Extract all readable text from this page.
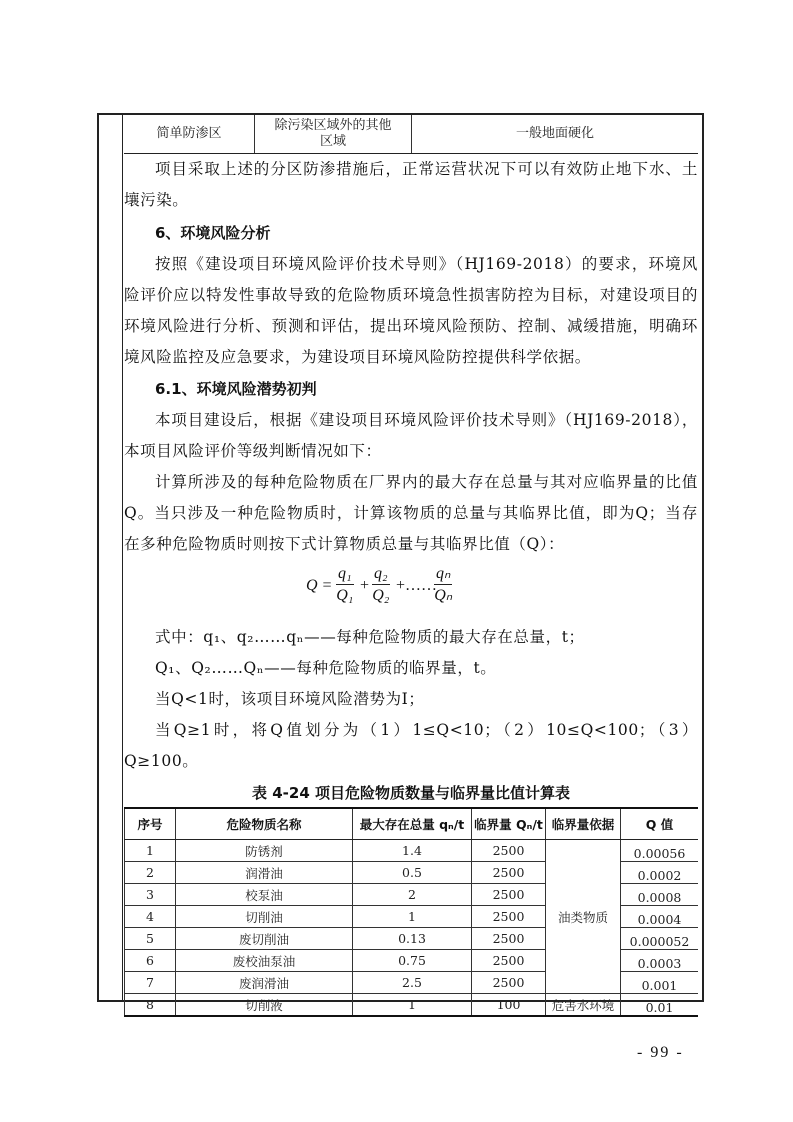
简单防渗区	除污染区域外的其他区域	一般地面硬化

项目采取上述的分区防渗措施后，正常运营状况下可以有效防止地下水、土壤污染。

6、环境风险分析

按照《建设项目环境风险评价技术导则》（HJ169-2018）的要求，环境风险评价应以特发性事故导致的危险物质环境急性损害防控为目标，对建设项目的环境风险进行分析、预测和评估，提出环境风险预防、控制、减缓措施，明确环境风险监控及应急要求，为建设项目环境风险防控提供科学依据。

6.1、环境风险潜势初判

本项目建设后，根据《建设项目环境风险评价技术导则》（HJ169-2018），本项目风险评价等级判断情况如下：

计算所涉及的每种危险物质在厂界内的最大存在总量与其对应临界量的比值Q。当只涉及一种危险物质时，计算该物质的总量与其临界比值，即为Q；当存在多种危险物质时则按下式计算物质总量与其临界比值（Q）：

$Q = \frac{\text{q₁}}{\text{Q₁}} + \frac{\text{q₂}}{\text{Q₂}}$ +……
$\frac{\text{qₙ}}{\text{Qₙ}}$

式中：q₁、q₂……qₙ——每种危险物质的最大存在总量，t；

Q₁、Q₂……Qₙ——每种危险物质的临界量，t。

当Q<1时，该项目环境风险潜势为I；

当Q≥1时，将Q值划分为（1）1≤Q<10；（2）10≤Q<100；（3）Q≥100。

表 4-24 项目危险物质数量与临界量比值计算表
序号	危险物质名称	最大存在总量 qₙ/t	临界量 Qₙ/t	临界量依据	Q 值
1	防锈剂	1.4	2500	油类物质	0.00056
2	润滑油	0.5	2500		0.0002
3	校泵油	2	2500		0.0008
4	切削油	1	2500		0.0004
5	废切削油	0.13	2500		0.000052
6	废校油泵油	0.75	2500		0.0003
7	废润滑油	2.5	2500		0.001
8	切削液	1	100	危害水环境	0.01
- 99 -
